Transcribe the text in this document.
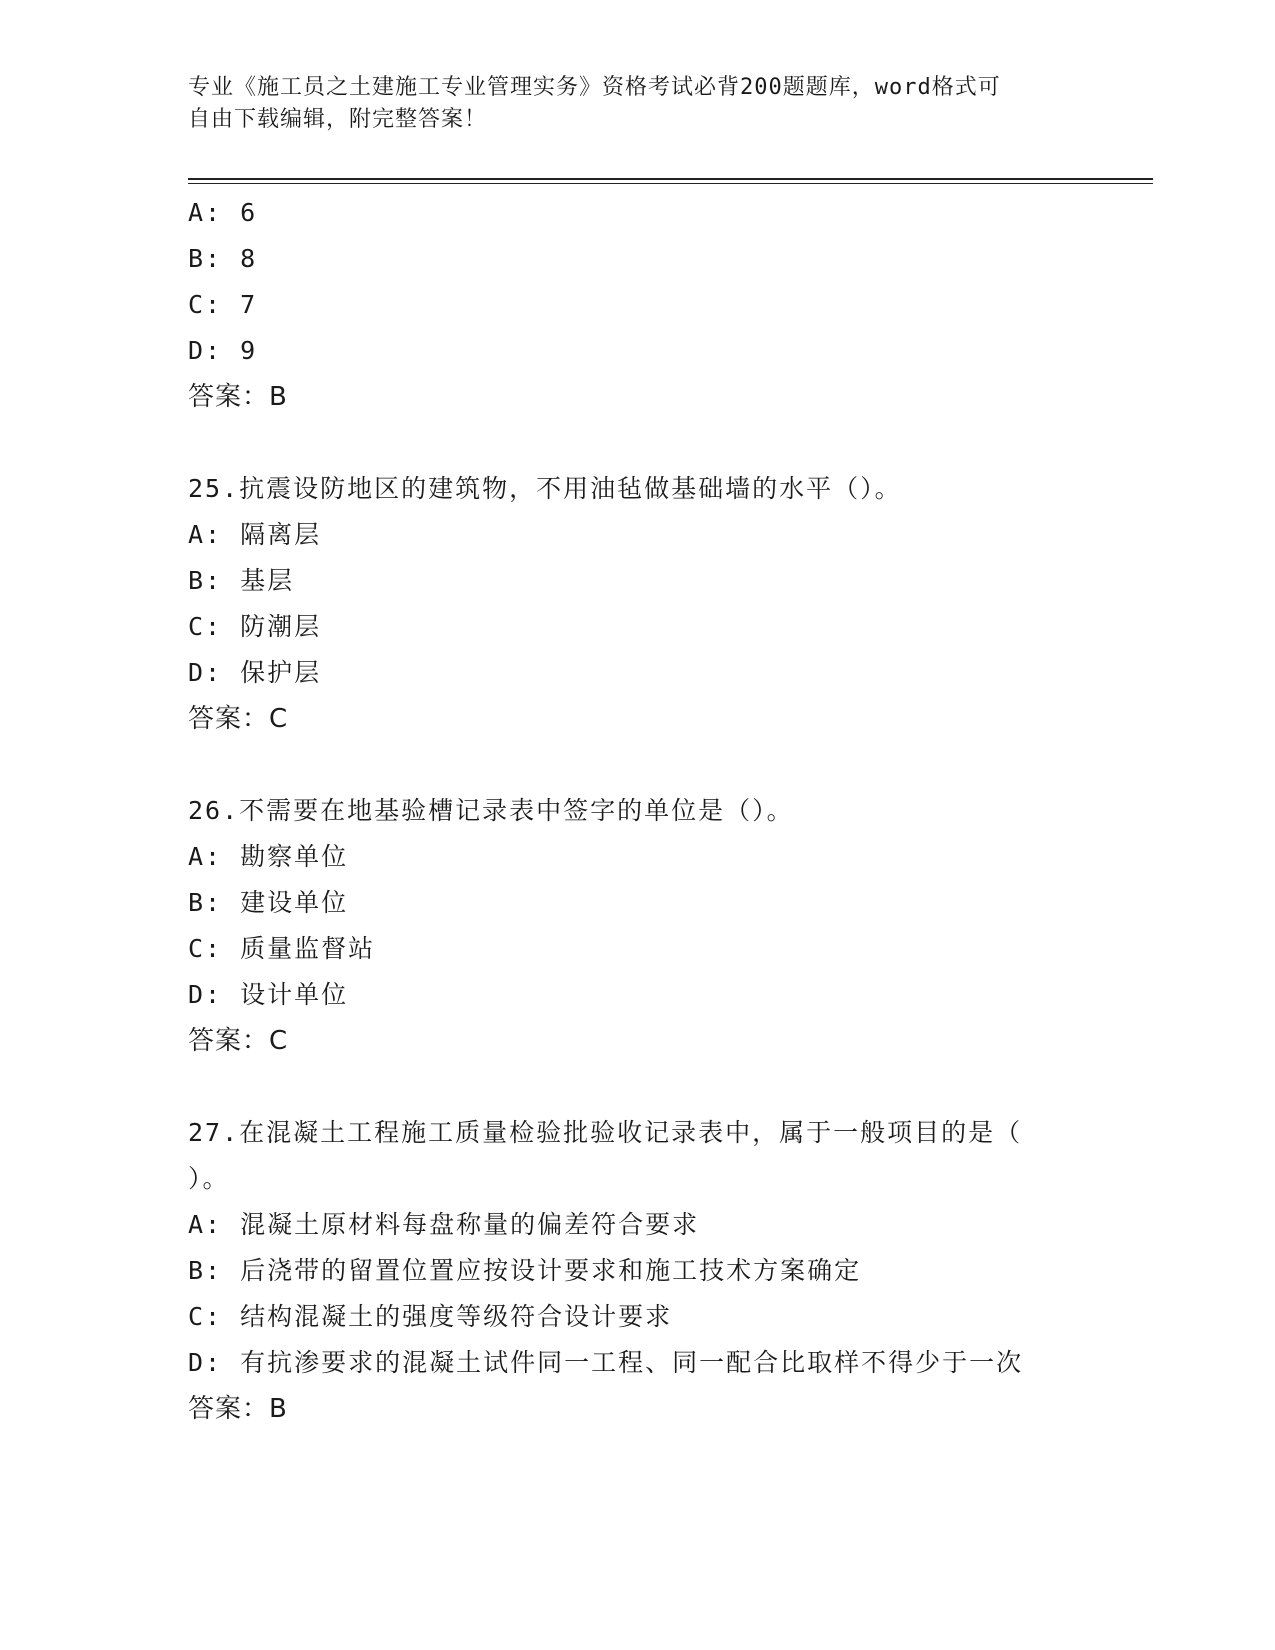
专业《施工员之土建施工专业管理实务》资格考试必背200题题库，word格式可
自由下载编辑，附完整答案！
A: 6
B: 8
C: 7
D: 9
答案：B
25.抗震设防地区的建筑物，不用油毡做基础墙的水平（）。
A: 隔离层
B: 基层
C: 防潮层
D: 保护层
答案：C
26.不需要在地基验槽记录表中签字的单位是（）。
A: 勘察单位
B: 建设单位
C: 质量监督站
D: 设计单位
答案：C
27.在混凝土工程施工质量检验批验收记录表中，属于一般项目的是（
）。
A: 混凝土原材料每盘称量的偏差符合要求
B: 后浇带的留置位置应按设计要求和施工技术方案确定
C: 结构混凝土的强度等级符合设计要求
D: 有抗渗要求的混凝土试件同一工程、同一配合比取样不得少于一次
答案：B
